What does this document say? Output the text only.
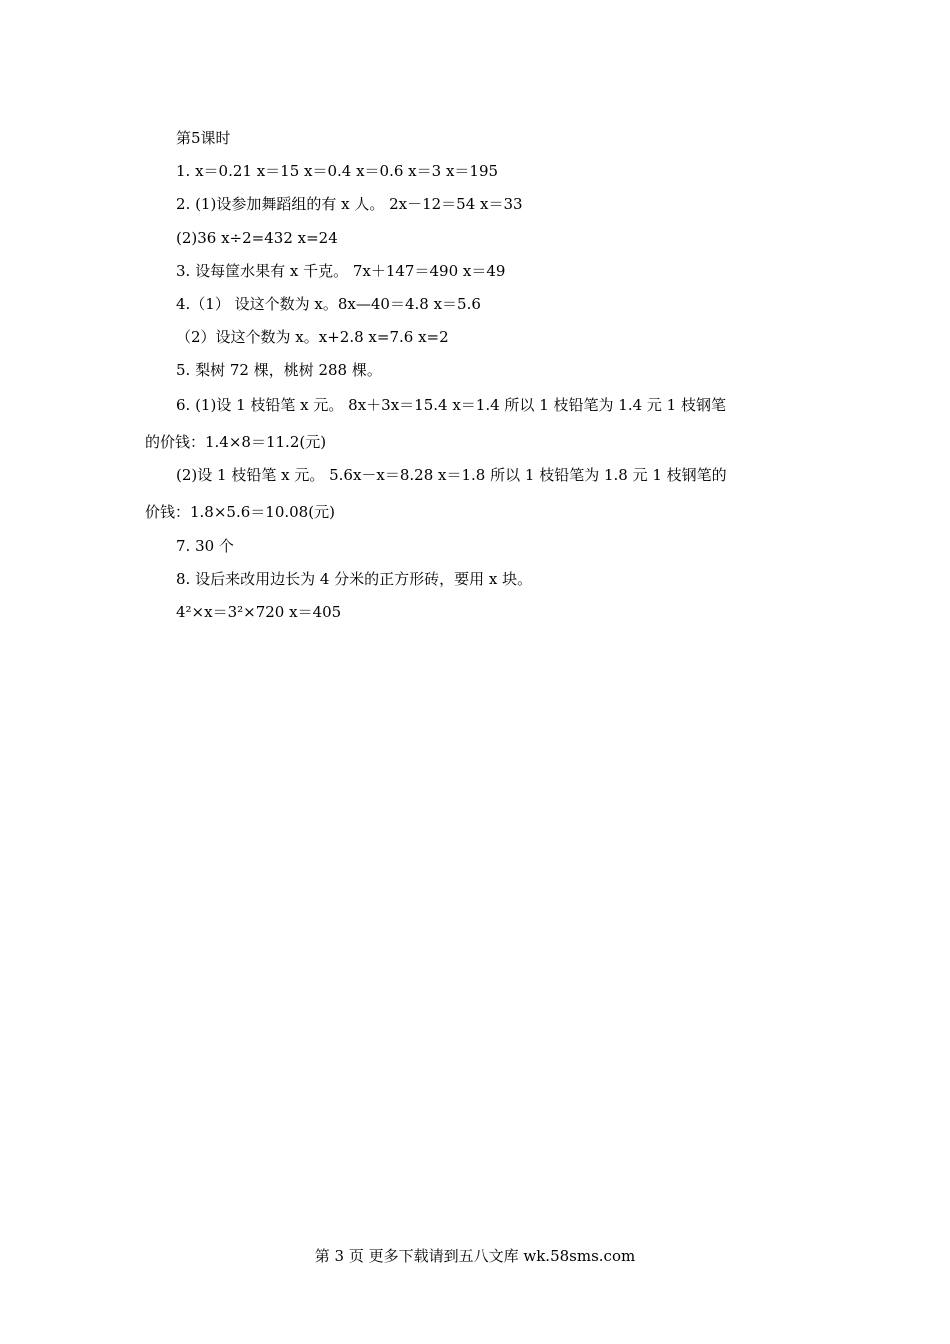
第5课时
1. x＝0.21 x＝15 x＝0.4 x＝0.6 x＝3 x＝195
2. (1)设参加舞蹈组的有 x 人。 2x－12＝54 x＝33
(2)36 x÷2=432 x=24
3. 设每筐水果有 x 千克。 7x＋147＝490 x＝49
4.（1） 设这个数为 x。8x—40＝4.8 x＝5.6
（2）设这个数为 x。x+2.8 x=7.6 x=2
5. 梨树 72 棵，桃树 288 棵。
6. (1)设 1 枝铅笔 x 元。 8x＋3x＝15.4 x＝1.4 所以 1 枝铅笔为 1.4 元 1 枝钢笔
的价钱：1.4×8＝11.2(元)
(2)设 1 枝铅笔 x 元。 5.6x－x＝8.28 x＝1.8 所以 1 枝铅笔为 1.8 元 1 枝钢笔的
价钱：1.8×5.6＝10.08(元)
7. 30 个
8. 设后来改用边长为 4 分米的正方形砖，要用 x 块。
4²×x＝3²×720 x＝405
第 3 页 更多下载请到五八文库 wk.58sms.com
